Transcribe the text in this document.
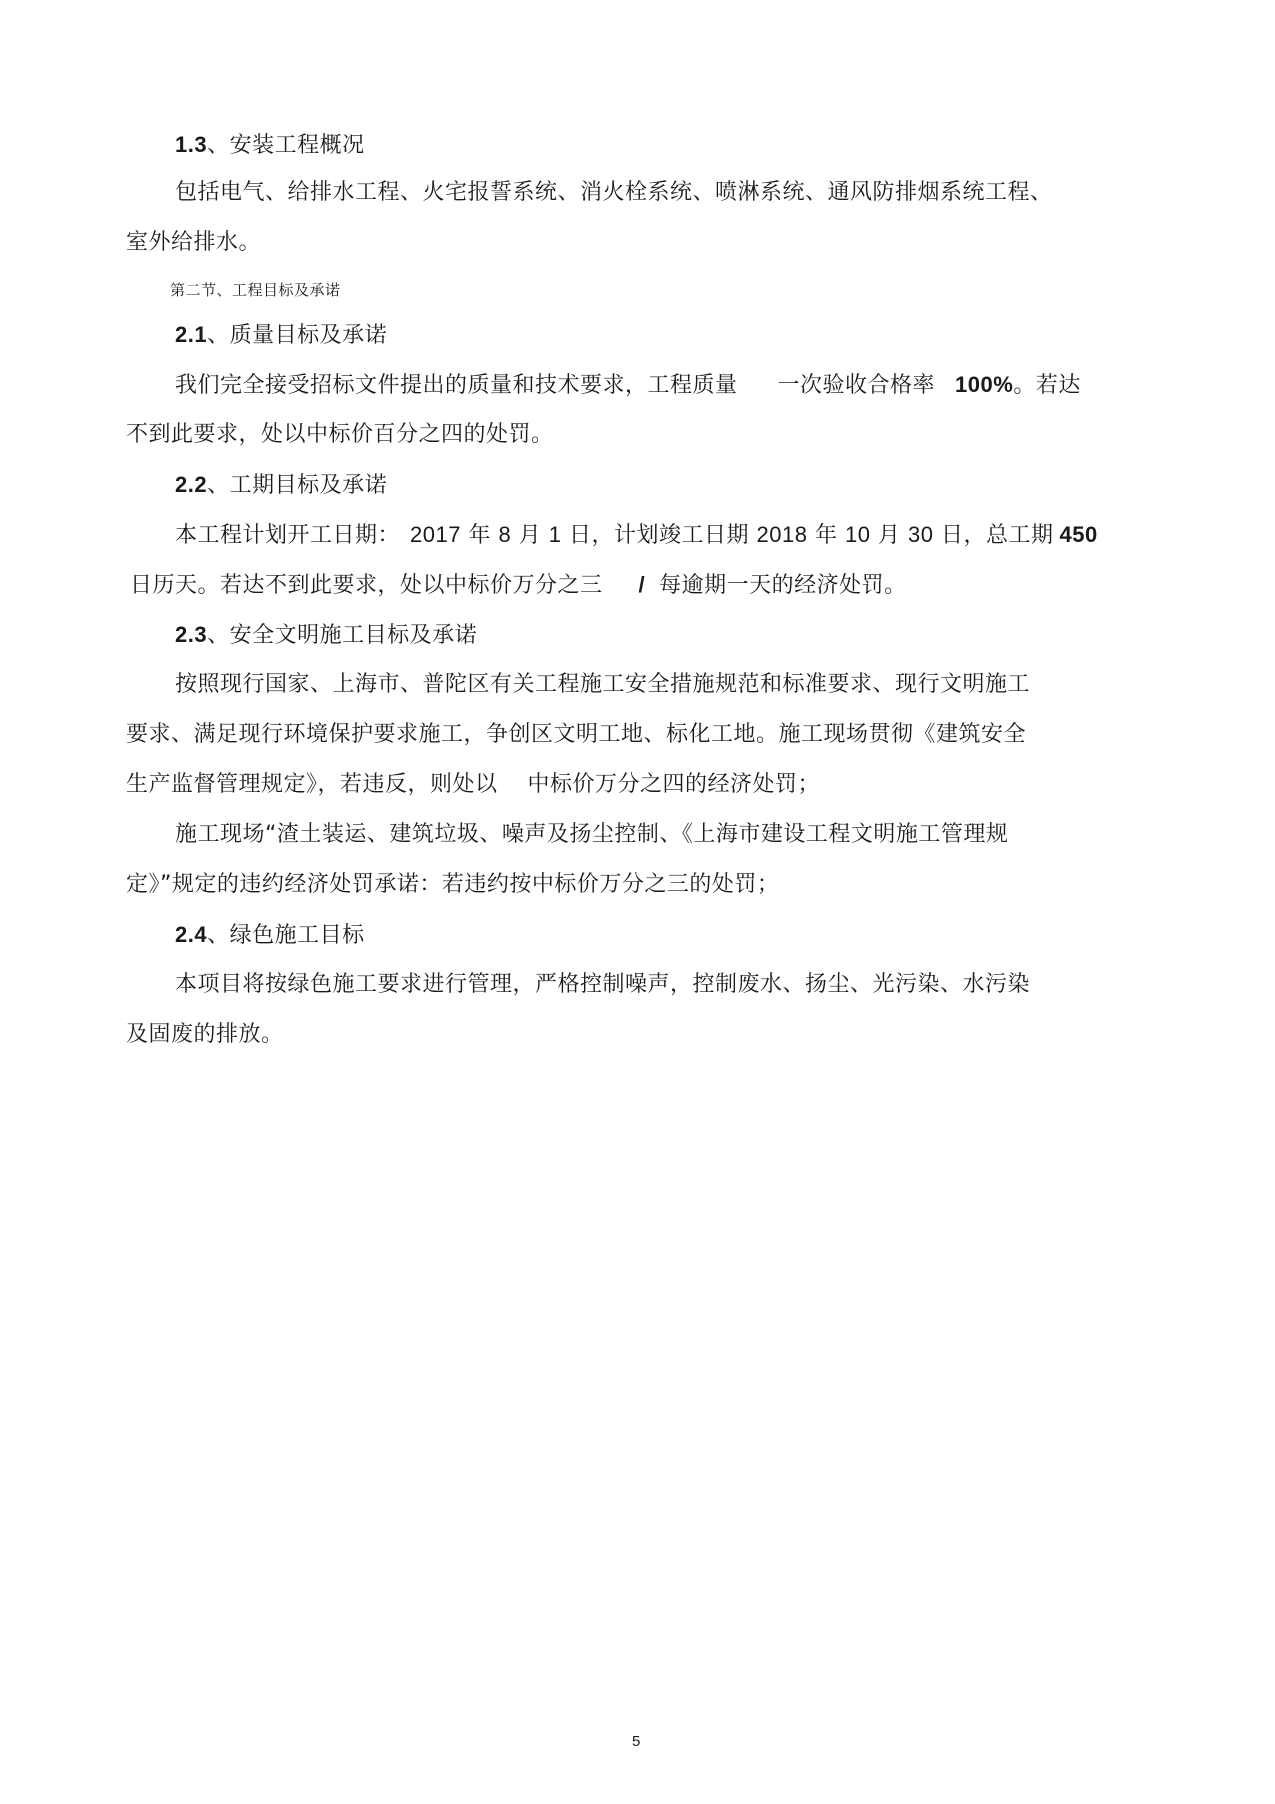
1.3、安装工程概况
包括电气、给排水工程、火宅报誓系统、消火栓系统、喷淋系统、通风防排烟系统工程、
室外给排水。
第二节、工程目标及承诺
2.1、质量目标及承诺
我们完全接受招标文件提出的质量和技术要求，工程质量 一次验收合格率 100%。若达
不到此要求，处以中标价百分之四的处罚。
2.2、工期目标及承诺
本工程计划开工日期： 2017 年 8 月 1 日，计划竣工日期 2018 年 10 月 30 日，总工期 450
日历天。若达不到此要求，处以中标价万分之三 / 每逾期一天的经济处罚。
2.3、安全文明施工目标及承诺
按照现行国家、上海市、普陀区有关工程施工安全措施规范和标准要求、现行文明施工
要求、满足现行环境保护要求施工，争创区文明工地、标化工地。施工现场贯彻《建筑安全
生产监督管理规定》，若违反，则处以 中标价万分之四的经济处罚；
施工现场“渣土装运、建筑垃圾、噪声及扬尘控制、《上海市建设工程文明施工管理规
定》”规定的违约经济处罚承诺：若违约按中标价万分之三的处罚；
2.4、绿色施工目标
本项目将按绿色施工要求进行管理，严格控制噪声，控制废水、扬尘、光污染、水污染
及固废的排放。
5
